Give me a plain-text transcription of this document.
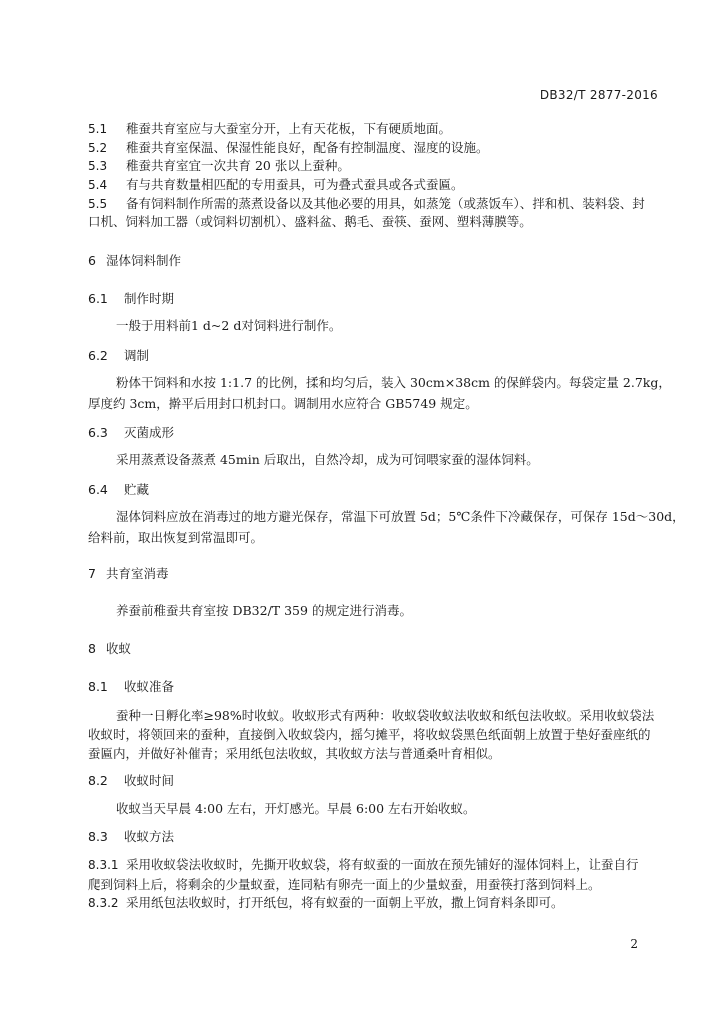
DB32/T 2877-2016
5.1 稚蚕共育室应与大蚕室分开，上有天花板，下有硬质地面。
5.2 稚蚕共育室保温、保湿性能良好，配备有控制温度、湿度的设施。
5.3 稚蚕共育室宜一次共育 20 张以上蚕种。
5.4 有与共育数量相匹配的专用蚕具，可为叠式蚕具或各式蚕匾。
5.5 备有饲料制作所需的蒸煮设备以及其他必要的用具，如蒸笼（或蒸饭车）、拌和机、装料袋、封
口机、饲料加工器（或饲料切割机）、盛料盆、鹅毛、蚕筷、蚕网、塑料薄膜等。
6 湿体饲料制作
6.1 制作时期
一般于用料前1 d~2 d对饲料进行制作。
6.2 调制
粉体干饲料和水按 1:1.7 的比例，揉和均匀后，装入 30cm×38cm 的保鲜袋内。每袋定量 2.7kg，
厚度约 3cm，擀平后用封口机封口。调制用水应符合 GB5749 规定。
6.3 灭菌成形
采用蒸煮设备蒸煮 45min 后取出，自然冷却，成为可饲喂家蚕的湿体饲料。
6.4 贮藏
湿体饲料应放在消毒过的地方避光保存，常温下可放置 5d；5℃条件下冷藏保存，可保存 15d～30d，
给料前，取出恢复到常温即可。
7 共育室消毒
养蚕前稚蚕共育室按 DB32/T 359 的规定进行消毒。
8 收蚁
8.1 收蚁准备
蚕种一日孵化率≥98%时收蚁。收蚁形式有两种：收蚁袋收蚁法收蚁和纸包法收蚁。采用收蚁袋法
收蚁时，将领回来的蚕种，直接倒入收蚁袋内，摇匀摊平，将收蚁袋黑色纸面朝上放置于垫好蚕座纸的
蚕匾内，并做好补催青；采用纸包法收蚁，其收蚁方法与普通桑叶育相似。
8.2 收蚁时间
收蚁当天早晨 4:00 左右，开灯感光。早晨 6:00 左右开始收蚁。
8.3 收蚁方法
8.3.1 采用收蚁袋法收蚁时，先撕开收蚁袋，将有蚁蚕的一面放在预先铺好的湿体饲料上，让蚕自行
爬到饲料上后，将剩余的少量蚁蚕，连同粘有卵壳一面上的少量蚁蚕，用蚕筷打落到饲料上。
8.3.2 采用纸包法收蚁时，打开纸包，将有蚁蚕的一面朝上平放，撒上饲育料条即可。
2
